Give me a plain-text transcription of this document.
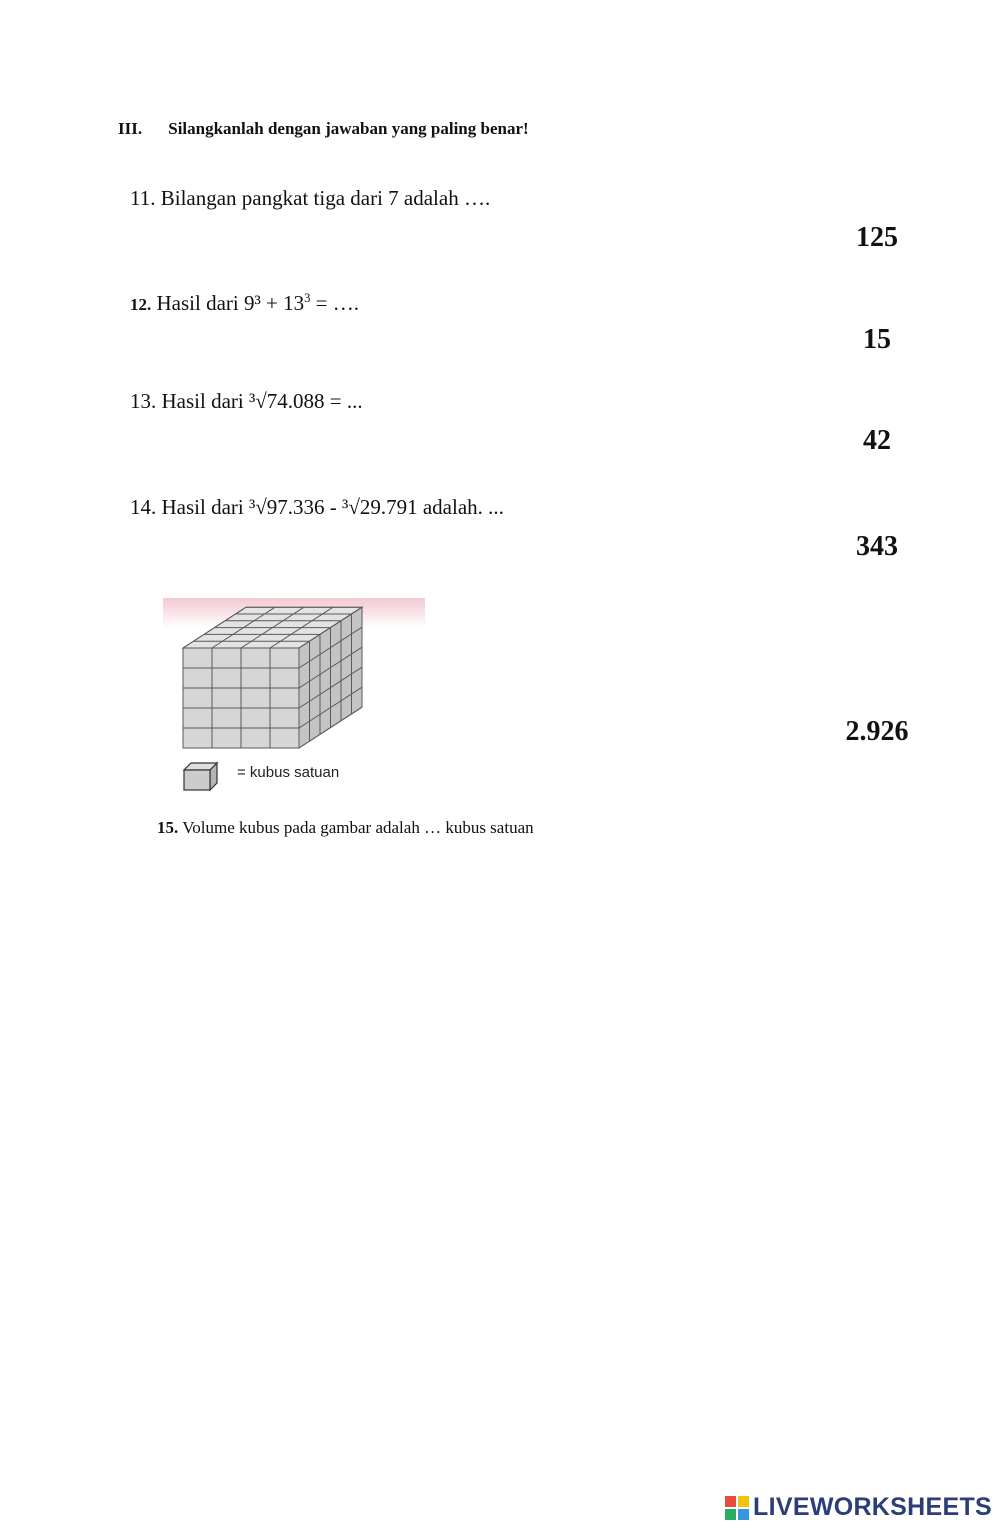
III. Silangkanlah dengan jawaban yang paling benar!
11. Bilangan pangkat tiga dari 7 adalah ….
125
12. Hasil dari $9^3 + 13^3$ = ….
15
13. Hasil dari ³√74.088 = ...
42
14. Hasil dari ³√97.336 - ³√29.791 adalah. ...
343
= kubus satuan
2.926
15. Volume kubus pada gambar adalah … kubus satuan
LIVEWORKSHEETS
